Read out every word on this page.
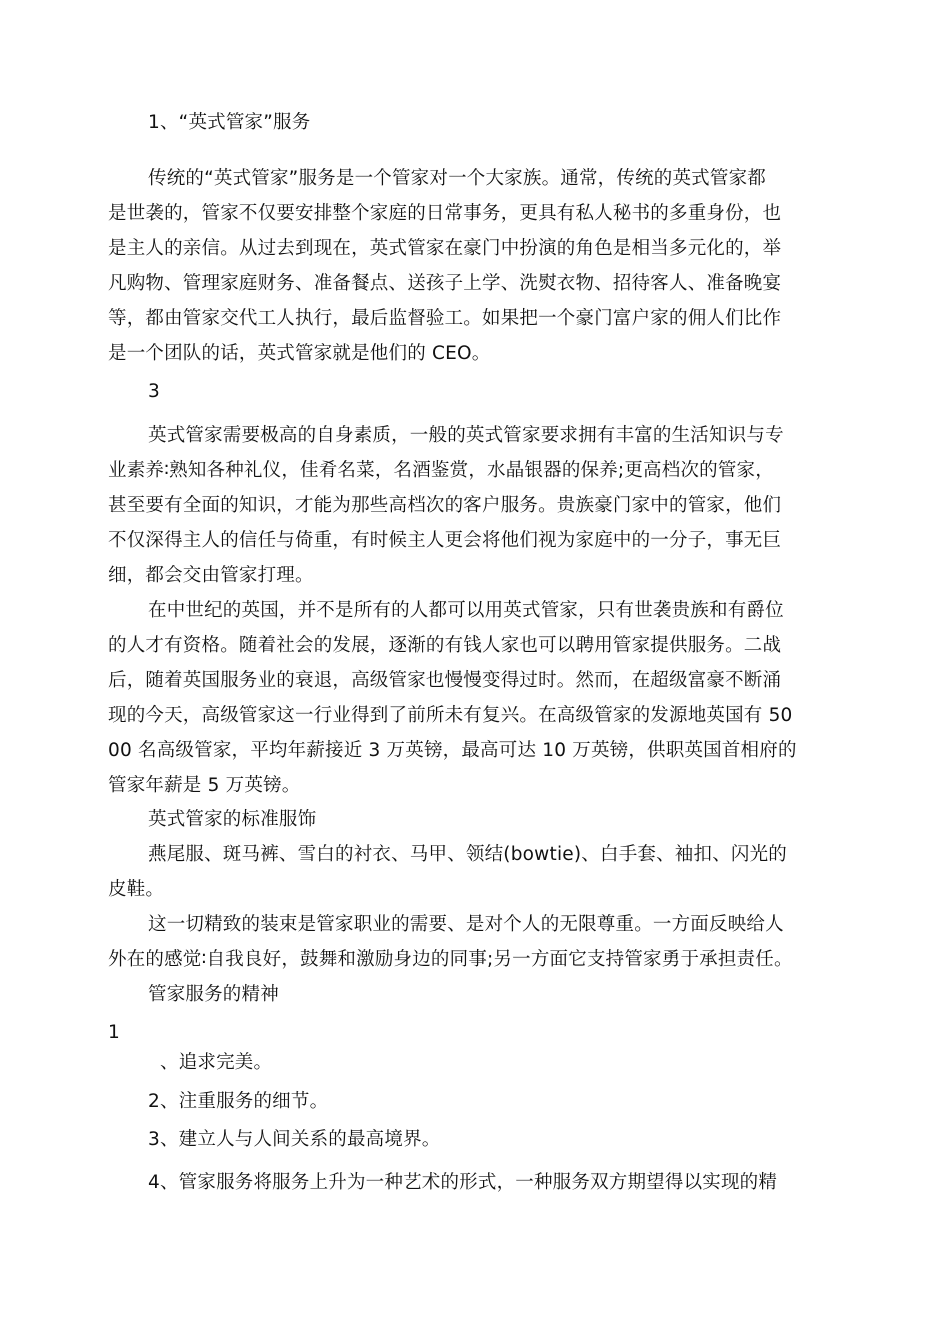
1、“英式管家”服务
传统的“英式管家”服务是一个管家对一个大家族。通常，传统的英式管家都
是世袭的，管家不仅要安排整个家庭的日常事务，更具有私人秘书的多重身份，也
是主人的亲信。从过去到现在，英式管家在豪门中扮演的角色是相当多元化的，举
凡购物、管理家庭财务、准备餐点、送孩子上学、洗熨衣物、招待客人、准备晚宴
等，都由管家交代工人执行，最后监督验工。如果把一个豪门富户家的佣人们比作
是一个团队的话，英式管家就是他们的 CEO。
3
英式管家需要极高的自身素质，一般的英式管家要求拥有丰富的生活知识与专
业素养∶熟知各种礼仪，佳肴名菜，名酒鉴赏，水晶银器的保养;更高档次的管家，
甚至要有全面的知识，才能为那些高档次的客户服务。贵族豪门家中的管家，他们
不仅深得主人的信任与倚重，有时候主人更会将他们视为家庭中的一分子，事无巨
细，都会交由管家打理。
在中世纪的英国，并不是所有的人都可以用英式管家，只有世袭贵族和有爵位
的人才有资格。随着社会的发展，逐渐的有钱人家也可以聘用管家提供服务。二战
后，随着英国服务业的衰退，高级管家也慢慢变得过时。然而，在超级富豪不断涌
现的今天，高级管家这一行业得到了前所未有复兴。在高级管家的发源地英国有 50
00 名高级管家，平均年薪接近 3 万英镑，最高可达 10 万英镑，供职英国首相府的
管家年薪是 5 万英镑。
英式管家的标准服饰
燕尾服、斑马裤、雪白的衬衣、马甲、领结(bowtie)、白手套、袖扣、闪光的
皮鞋。
这一切精致的装束是管家职业的需要、是对个人的无限尊重。一方面反映给人
外在的感觉∶自我良好，鼓舞和激励身边的同事;另一方面它支持管家勇于承担责任。
管家服务的精神
1
、追求完美。
2、注重服务的细节。
3、建立人与人间关系的最高境界。
4、管家服务将服务上升为一种艺术的形式，一种服务双方期望得以实现的精
